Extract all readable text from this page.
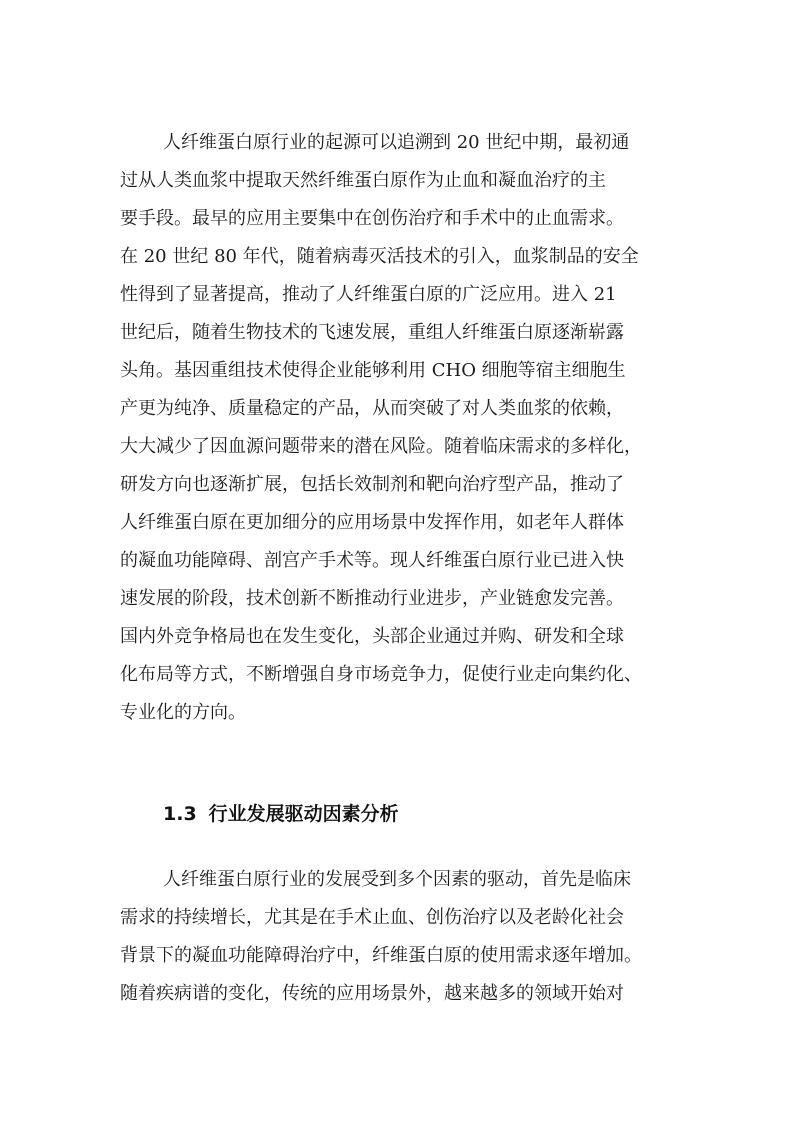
人纤维蛋白原行业的起源可以追溯到 20 世纪中期，最初通
过从人类血浆中提取天然纤维蛋白原作为止血和凝血治疗的主
要手段。最早的应用主要集中在创伤治疗和手术中的止血需求。
在 20 世纪 80 年代，随着病毒灭活技术的引入，血浆制品的安全
性得到了显著提高，推动了人纤维蛋白原的广泛应用。进入 21
世纪后，随着生物技术的飞速发展，重组人纤维蛋白原逐渐崭露
头角。基因重组技术使得企业能够利用 CHO 细胞等宿主细胞生
产更为纯净、质量稳定的产品，从而突破了对人类血浆的依赖，
大大减少了因血源问题带来的潜在风险。随着临床需求的多样化，
研发方向也逐渐扩展，包括长效制剂和靶向治疗型产品，推动了
人纤维蛋白原在更加细分的应用场景中发挥作用，如老年人群体
的凝血功能障碍、剖宫产手术等。现人纤维蛋白原行业已进入快
速发展的阶段，技术创新不断推动行业进步，产业链愈发完善。
国内外竞争格局也在发生变化，头部企业通过并购、研发和全球
化布局等方式，不断增强自身市场竞争力，促使行业走向集约化、
专业化的方向。
1.3 行业发展驱动因素分析
人纤维蛋白原行业的发展受到多个因素的驱动，首先是临床
需求的持续增长，尤其是在手术止血、创伤治疗以及老龄化社会
背景下的凝血功能障碍治疗中，纤维蛋白原的使用需求逐年增加。
随着疾病谱的变化，传统的应用场景外，越来越多的领域开始对
